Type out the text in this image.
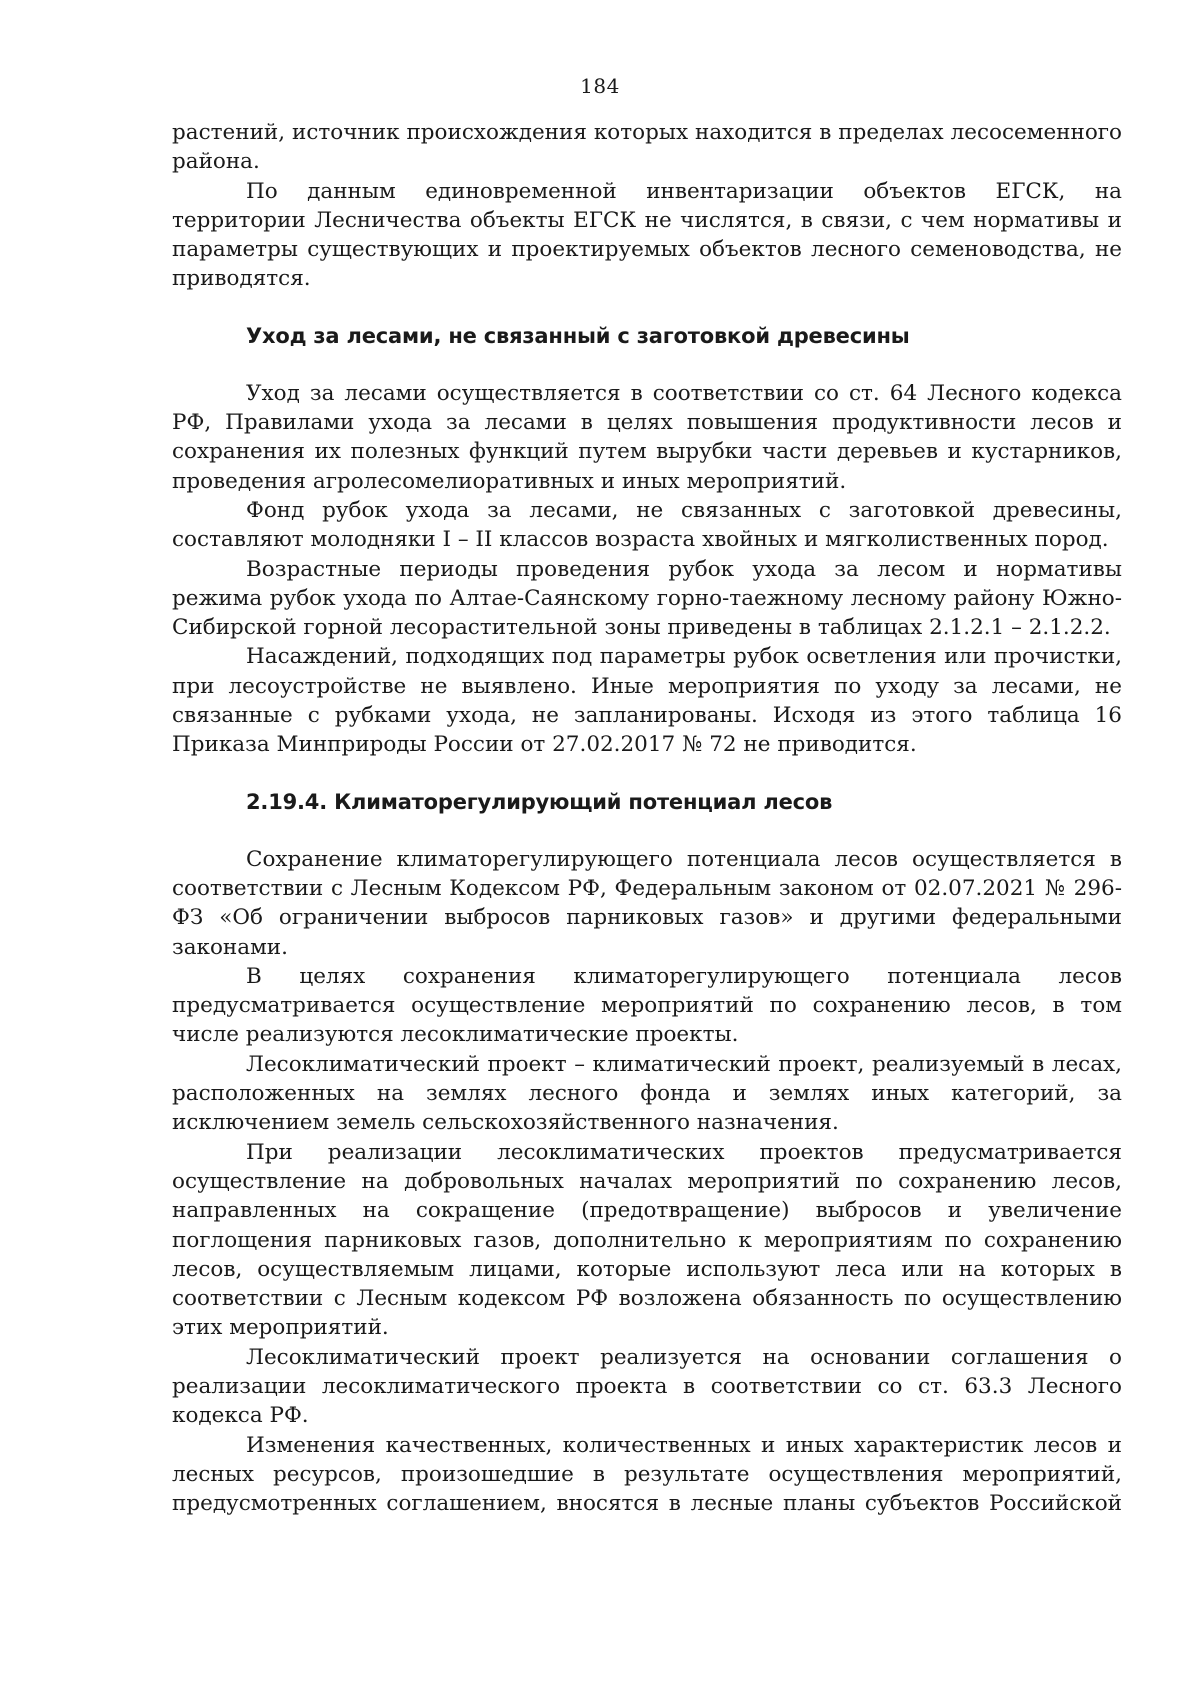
184

растений, источник происхождения которых находится в пределах лесосеменного района.

По данным единовременной инвентаризации объектов ЕГСК, на территории Лесничества объекты ЕГСК не числятся, в связи, с чем нормативы и параметры существующих и проектируемых объектов лесного семеноводства, не приводятся.

Уход за лесами, не связанный с заготовкой древесины

Уход за лесами осуществляется в соответствии со ст. 64 Лесного кодекса РФ, Правилами ухода за лесами в целях повышения продуктивности лесов и сохранения их полезных функций путем вырубки части деревьев и кустарников, проведения агролесомелиоративных и иных мероприятий.

Фонд рубок ухода за лесами, не связанных с заготовкой древесины, составляют молодняки I – II классов возраста хвойных и мягколиственных пород.

Возрастные периоды проведения рубок ухода за лесом и нормативы режима рубок ухода по Алтае-Саянскому горно-таежному лесному району Южно-Сибирской горной лесорастительной зоны приведены в таблицах 2.1.2.1 – 2.1.2.2.

Насаждений, подходящих под параметры рубок осветления или прочистки, при лесоустройстве не выявлено. Иные мероприятия по уходу за лесами, не связанные с рубками ухода, не запланированы. Исходя из этого таблица 16 Приказа Минприроды России от 27.02.2017 № 72 не приводится.

2.19.4. Климаторегулирующий потенциал лесов

Сохранение климаторегулирующего потенциала лесов осуществляется в соответствии с Лесным Кодексом РФ, Федеральным законом от 02.07.2021 № 296-ФЗ «Об ограничении выбросов парниковых газов» и другими федеральными законами.

В целях сохранения климаторегулирующего потенциала лесов предусматривается осуществление мероприятий по сохранению лесов, в том числе реализуются лесоклиматические проекты.

Лесоклиматический проект – климатический проект, реализуемый в лесах, расположенных на землях лесного фонда и землях иных категорий, за исключением земель сельскохозяйственного назначения.

При реализации лесоклиматических проектов предусматривается осуществление на добровольных началах мероприятий по сохранению лесов, направленных на сокращение (предотвращение) выбросов и увеличение поглощения парниковых газов, дополнительно к мероприятиям по сохранению лесов, осуществляемым лицами, которые используют леса или на которых в соответствии с Лесным кодексом РФ возложена обязанность по осуществлению этих мероприятий.

Лесоклиматический проект реализуется на основании соглашения о реализации лесоклиматического проекта в соответствии со ст. 63.3 Лесного кодекса РФ.

Изменения качественных, количественных и иных характеристик лесов и лесных ресурсов, произошедшие в результате осуществления мероприятий, предусмотренных соглашением, вносятся в лесные планы субъектов Российской
